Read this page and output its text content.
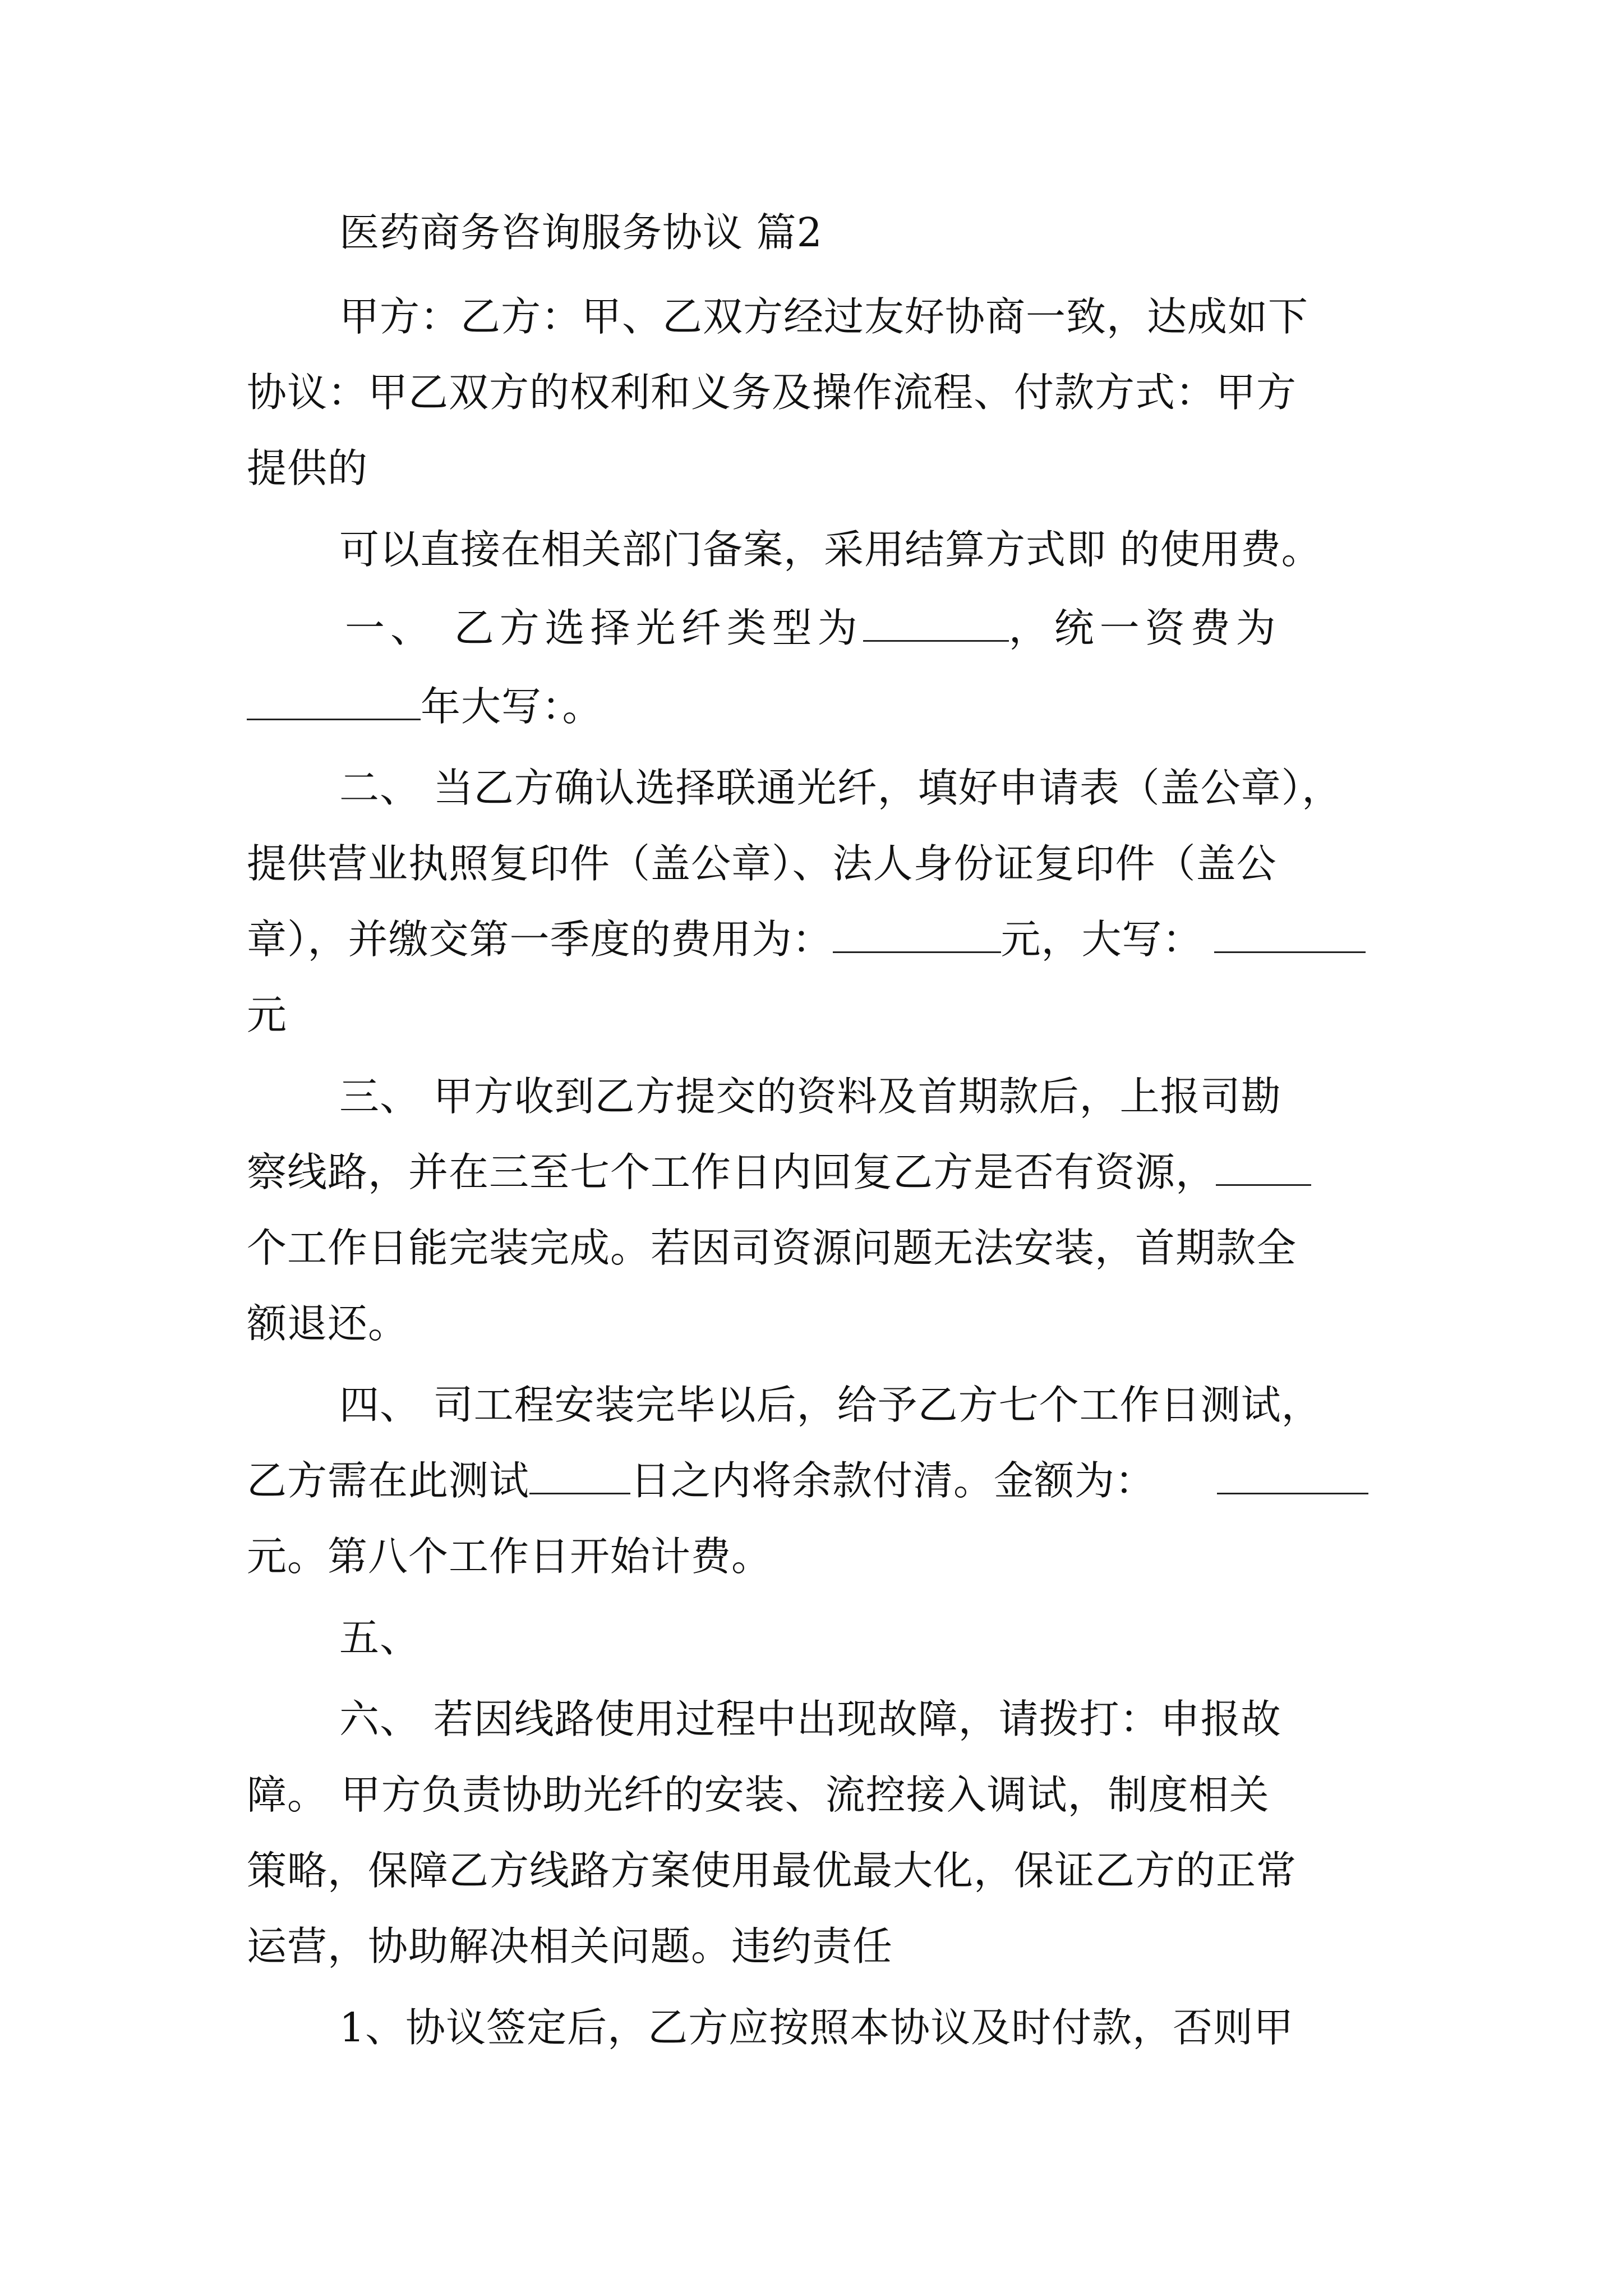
医药商务咨询服务协议 篇2
甲方：乙方：甲、乙双方经过友好协商一致，达成如下
协议：甲乙双方的权利和义务及操作流程、付款方式：甲方
提供的
可以直接在相关部门备案，采用结算方式即 的使用费。
一、 乙方选择光纤类型为	，统一资费为
年大写：。
二、 当乙方确认选择联通光纤，填好申请表（盖公章），
提供营业执照复印件（盖公章）、法人身份证复印件（盖公
章），并缴交第一季度的费用为：	元，大写：
元
三、 甲方收到乙方提交的资料及首期款后，上报司勘
察线路，并在三至七个工作日内回复乙方是否有资源，
个工作日能完装完成。若因司资源问题无法安装，首期款全
额退还。
四、 司工程安装完毕以后，给予乙方七个工作日测试，
乙方需在此测试	日之内将余款付清。金额为：
元。第八个工作日开始计费。
五、
六、 若因线路使用过程中出现故障，请拨打：申报故
障。 甲方负责协助光纤的安装、流控接入调试，制度相关
策略，保障乙方线路方案使用最优最大化，保证乙方的正常
运营，协助解决相关问题。违约责任
1、协议签定后，乙方应按照本协议及时付款，否则甲
